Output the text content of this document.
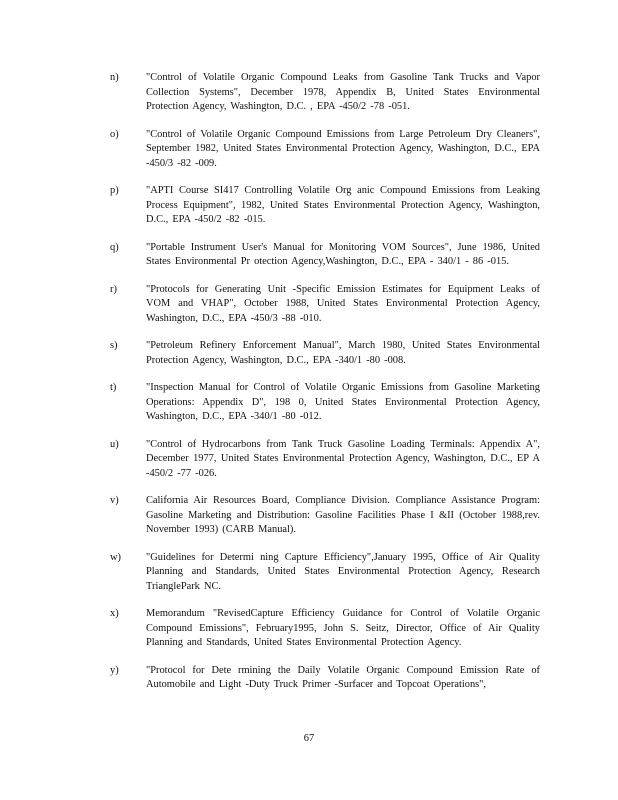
n)	"Control of Volatile Organic Compound Leaks from Gasoline Tank Trucks and Vapor Collection Systems", December 1978, Appendix B, United States Environmental Protection Agency, Washington, D.C. , EPA -450/2 -78 -051.
o)	"Control of Volatile Organic Compound Emissions from Large Petroleum Dry Cleaners", September 1982, United States Environmental Protection Agency, Washington, D.C., EPA -450/3 -82 -009.
p)	"APTI Course SI417 Controlling Volatile Org anic Compound Emissions from Leaking Process Equipment", 1982, United States Environmental Protection Agency, Washington, D.C., EPA -450/2 -82 -015.
q)	"Portable Instrument User's Manual for Monitoring VOM Sources", June 1986, United States Environmental Pr otection Agency,Washington, D.C., EPA - 340/1 - 86 -015.
r)	"Protocols for Generating Unit -Specific Emission Estimates for Equipment Leaks of VOM and VHAP", October 1988, United States Environmental Protection Agency, Washington, D.C., EPA -450/3 -88 -010.
s)	"Petroleum Refinery Enforcement Manual", March 1980, United States Environmental Protection Agency, Washington, D.C., EPA -340/1 -80 -008.
t)	"Inspection Manual for Control of Volatile Organic Emissions from Gasoline Marketing Operations: Appendix D", 198 0, United States Environmental Protection Agency, Washington, D.C., EPA -340/1 -80 -012.
u)	"Control of Hydrocarbons from Tank Truck Gasoline Loading Terminals: Appendix A", December 1977, United States Environmental Protection Agency, Washington, D.C., EP A -450/2 -77 -026.
v)	California Air Resources Board, Compliance Division. Compliance Assistance Program: Gasoline Marketing and Distribution: Gasoline Facilities Phase I &II (October 1988,rev. November 1993) (CARB Manual).
w) "Guidelines for Determi ning Capture Efficiency",January 1995, Office of Air Quality Planning and Standards, United States Environmental Protection Agency, Research TrianglePark NC.
x)	Memorandum "RevisedCapture Efficiency Guidance for Control of Volatile Organic Compound Emissions", February1995, John S. Seitz, Director, Office of Air Quality Planning and Standards, United States Environmental Protection Agency.
y)	"Protocol for Dete rmining the Daily Volatile Organic Compound Emission Rate of Automobile and Light -Duty Truck Primer -Surfacer and Topcoat Operations",
67
